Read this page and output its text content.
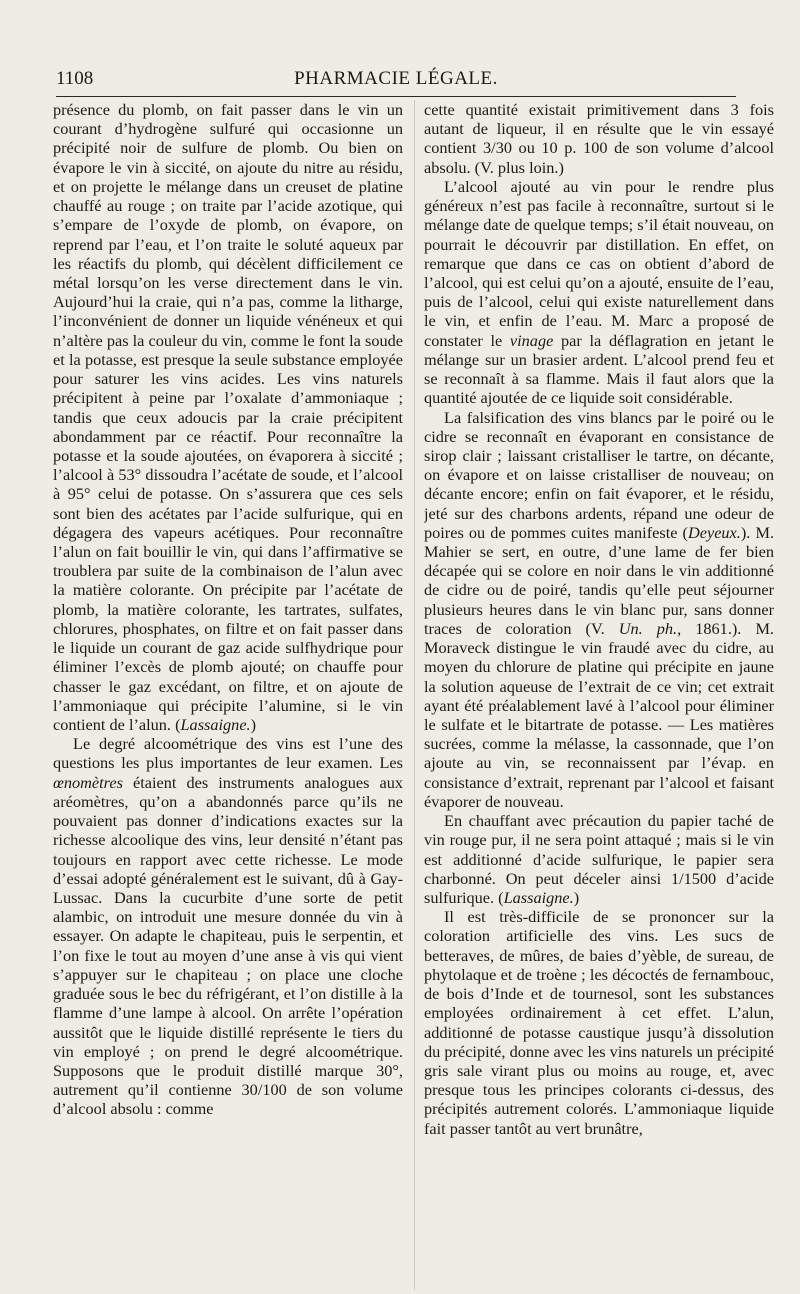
1108	PHARMACIE LÉGALE.

présence du plomb, on fait passer dans le vin un courant d’hydrogène sulfuré qui occasionne un précipité noir de sulfure de plomb. Ou bien on évapore le vin à siccité, on ajoute du nitre au résidu, et on projette le mélange dans un creuset de platine chauffé au rouge ; on traite par l’acide azotique, qui s’empare de l’oxyde de plomb, on évapore, on reprend par l’eau, et l’on traite le soluté aqueux par les réactifs du plomb, qui décèlent difficilement ce métal lorsqu’on les verse directement dans le vin. Aujourd’hui la craie, qui n’a pas, comme la litharge, l’inconvénient de donner un liquide vénéneux et qui n’altère pas la couleur du vin, comme le font la soude et la potasse, est presque la seule substance employée pour saturer les vins acides. Les vins naturels précipitent à peine par l’oxalate d’ammoniaque ; tandis que ceux adoucis par la craie précipitent abondamment par ce réactif. Pour reconnaître la potasse et la soude ajoutées, on évaporera à siccité ; l’alcool à 53° dissoudra l’acétate de soude, et l’alcool à 95° celui de potasse. On s’assurera que ces sels sont bien des acétates par l’acide sulfurique, qui en dégagera des vapeurs acétiques. Pour reconnaître l’alun on fait bouillir le vin, qui dans l’affirmative se troublera par suite de la combinaison de l’alun avec la matière colorante. On précipite par l’acétate de plomb, la matière colorante, les tartrates, sulfates, chlorures, phosphates, on filtre et on fait passer dans le liquide un courant de gaz acide sulfhydrique pour éliminer l’excès de plomb ajouté; on chauffe pour chasser le gaz excédant, on filtre, et on ajoute de l’ammoniaque qui précipite l’alumine, si le vin contient de l’alun. (Lassaigne.)

Le degré alcoométrique des vins est l’une des questions les plus importantes de leur examen. Les œnomètres étaient des instruments analogues aux aréomètres, qu’on a abandonnés parce qu’ils ne pouvaient pas donner d’indications exactes sur la richesse alcoolique des vins, leur densité n’étant pas toujours en rapport avec cette richesse. Le mode d’essai adopté généralement est le suivant, dû à Gay-Lussac. Dans la cucurbite d’une sorte de petit alambic, on introduit une mesure donnée du vin à essayer. On adapte le chapiteau, puis le serpentin, et l’on fixe le tout au moyen d’une anse à vis qui vient s’appuyer sur le chapiteau ; on place une cloche graduée sous le bec du réfrigérant, et l’on distille à la flamme d’une lampe à alcool. On arrête l’opération aussitôt que le liquide distillé représente le tiers du vin employé ; on prend le degré alcoométrique. Supposons que le produit distillé marque 30°, autrement qu’il contienne 30/100 de son volume d’alcool absolu : comme

cette quantité existait primitivement dans 3 fois autant de liqueur, il en résulte que le vin essayé contient 3/30 ou 10 p. 100 de son volume d’alcool absolu. (V. plus loin.)

L’alcool ajouté au vin pour le rendre plus généreux n’est pas facile à reconnaître, surtout si le mélange date de quelque temps; s’il était nouveau, on pourrait le découvrir par distillation. En effet, on remarque que dans ce cas on obtient d’abord de l’alcool, qui est celui qu’on a ajouté, ensuite de l’eau, puis de l’alcool, celui qui existe naturellement dans le vin, et enfin de l’eau. M. Marc a proposé de constater le vinage par la déflagration en jetant le mélange sur un brasier ardent. L’alcool prend feu et se reconnaît à sa flamme. Mais il faut alors que la quantité ajoutée de ce liquide soit considérable.

La falsification des vins blancs par le poiré ou le cidre se reconnaît en évaporant en consistance de sirop clair ; laissant cristalliser le tartre, on décante, on évapore et on laisse cristalliser de nouveau; on décante encore; enfin on fait évaporer, et le résidu, jeté sur des charbons ardents, répand une odeur de poires ou de pommes cuites manifeste (Deyeux.). M. Mahier se sert, en outre, d’une lame de fer bien décapée qui se colore en noir dans le vin additionné de cidre ou de poiré, tandis qu’elle peut séjourner plusieurs heures dans le vin blanc pur, sans donner traces de coloration (V. Un. ph., 1861.). M. Moraveck distingue le vin fraudé avec du cidre, au moyen du chlorure de platine qui précipite en jaune la solution aqueuse de l’extrait de ce vin; cet extrait ayant été préalablement lavé à l’alcool pour éliminer le sulfate et le bitartrate de potasse. — Les matières sucrées, comme la mélasse, la cassonnade, que l’on ajoute au vin, se reconnaissent par l’évap. en consistance d’extrait, reprenant par l’alcool et faisant évaporer de nouveau.

En chauffant avec précaution du papier taché de vin rouge pur, il ne sera point attaqué ; mais si le vin est additionné d’acide sulfurique, le papier sera charbonné. On peut déceler ainsi 1/1500 d’acide sulfurique. (Lassaigne.)

Il est très-difficile de se prononcer sur la coloration artificielle des vins. Les sucs de betteraves, de mûres, de baies d’yèble, de sureau, de phytolaque et de troène ; les décoctés de fernambouc, de bois d’Inde et de tournesol, sont les substances employées ordinairement à cet effet. L’alun, additionné de potasse caustique jusqu’à dissolution du précipité, donne avec les vins naturels un précipité gris sale virant plus ou moins au rouge, et, avec presque tous les principes colorants ci-dessus, des précipités autrement colorés. L’ammoniaque liquide fait passer tantôt au vert brunâtre,
